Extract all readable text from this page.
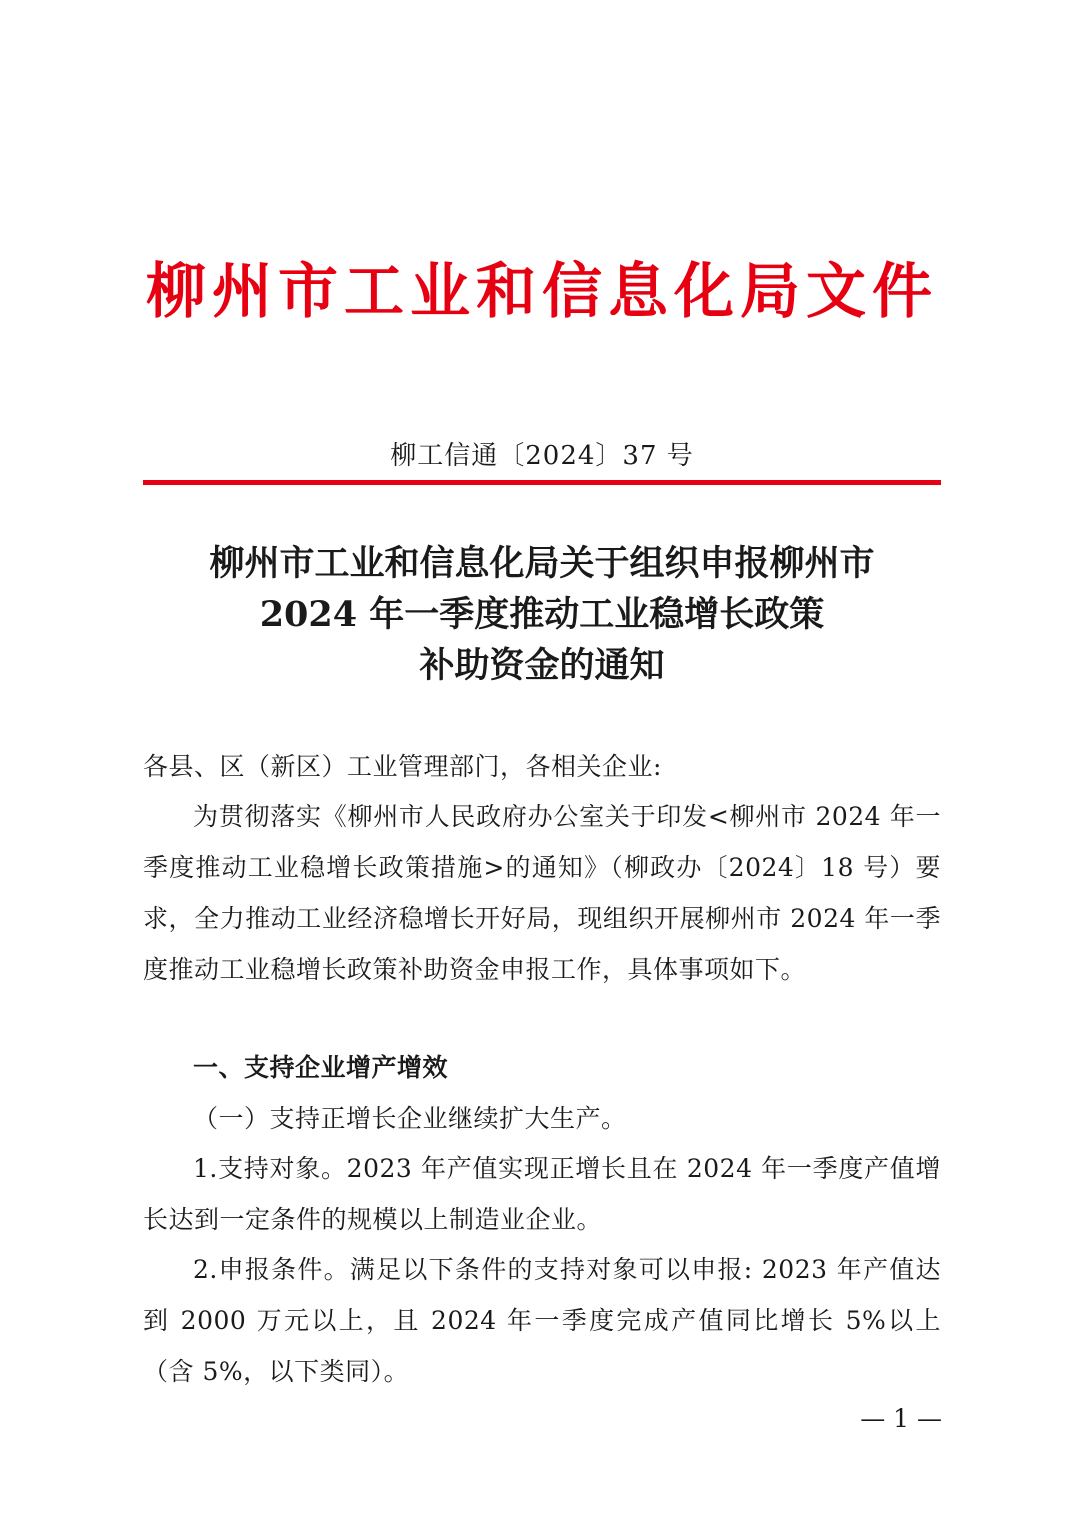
柳州市工业和信息化局文件
柳工信通〔2024〕37 号
柳州市工业和信息化局关于组织申报柳州市
2024 年一季度推动工业稳增长政策
补助资金的通知
各县、区（新区）工业管理部门，各相关企业:
为贯彻落实《柳州市人民政府办公室关于印发<柳州市 2024 年一季度推动工业稳增长政策措施>的通知》（柳政办〔2024〕18 号）要求，全力推动工业经济稳增长开好局，现组织开展柳州市 2024 年一季度推动工业稳增长政策补助资金申报工作，具体事项如下。
一、支持企业增产增效
（一）支持正增长企业继续扩大生产。
1.支持对象。2023 年产值实现正增长且在 2024 年一季度产值增长达到一定条件的规模以上制造业企业。
2.申报条件。满足以下条件的支持对象可以申报: 2023 年产值达到 2000 万元以上，且 2024 年一季度完成产值同比增长 5%以上（含 5%，以下类同）。
— 1 —
